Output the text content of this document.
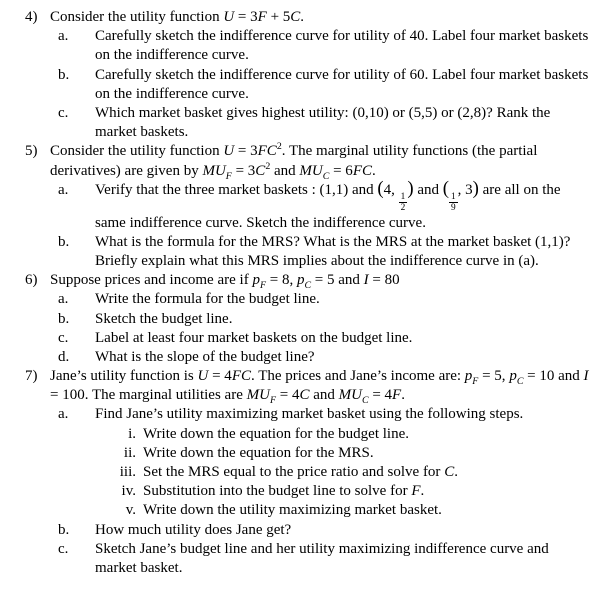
4) Consider the utility function U = 3F + 5C.
a.	Carefully sketch the indifference curve for utility of 40. Label four market baskets on the indifference curve.
b.	Carefully sketch the indifference curve for utility of 60. Label four market baskets on the indifference curve.
c.	Which market basket gives highest utility: (0,10) or (5,5) or (2,8)? Rank the market baskets.
5) Consider the utility function $U = 3FC^2$. The marginal utility functions (the partial derivatives) are given by $MU_F = 3C^2$ and $MU_C = 6FC$.
a.	Verify that the three market baskets : (1,1) and (4,
$\frac{1}{2}$
) and (
$\frac{1}{9}$
, 3) are all on the same indifference curve. Sketch the indifference curve.
b.	What is the formula for the MRS? What is the MRS at the market basket (1,1)? Briefly explain what this MRS implies about the indifference curve in (a).
6) Suppose prices and income are if $p_F = 8$, $p_C = 5$ and I = 80
a.	Write the formula for the budget line.
b.	Sketch the budget line.
c.	Label at least four market baskets on the budget line.
d.	What is the slope of the budget line?
7) Jane’s utility function is U = 4FC. The prices and Jane’s income are: $p_F = 5$, $p_C = 10$ and I = 100. The marginal utilities are $MU_F = 4C$ and $MU_C = 4F$.
a.	Find Jane’s utility maximizing market basket using the following steps.
i. Write down the equation for the budget line.
ii. Write down the equation for the MRS.
iii. Set the MRS equal to the price ratio and solve for C.
iv. Substitution into the budget line to solve for F.
v. Write down the utility maximizing market basket.
b.	How much utility does Jane get?
c.	Sketch Jane’s budget line and her utility maximizing indifference curve and market basket.
